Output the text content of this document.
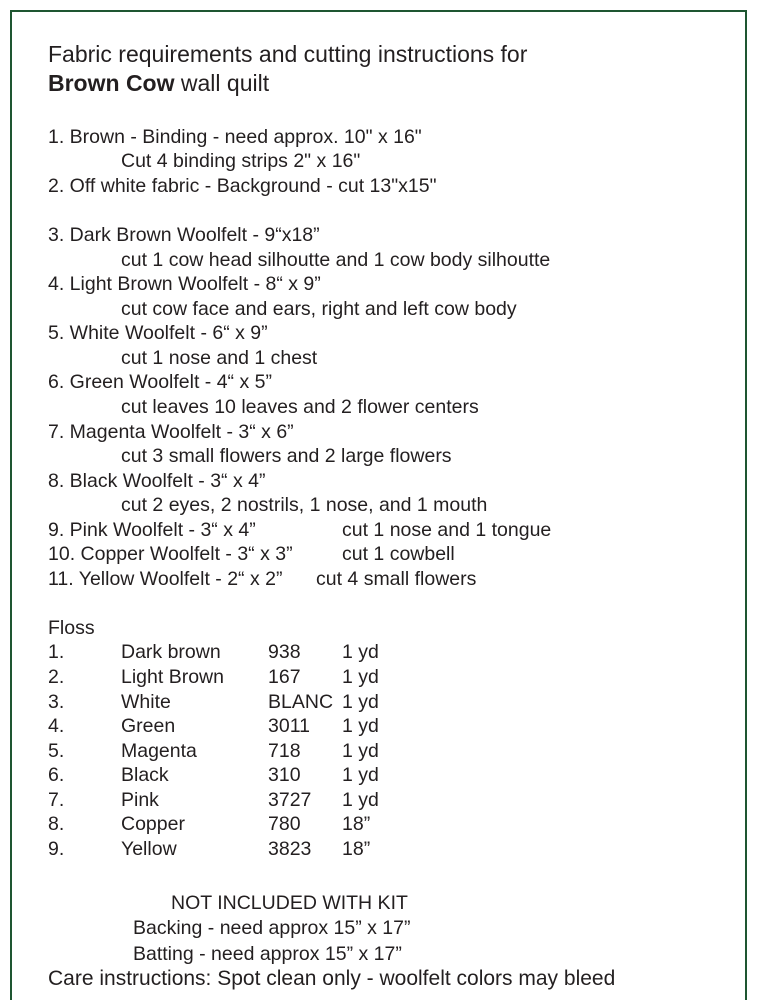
Fabric requirements and cutting instructions for
Brown Cow wall quilt
1. Brown - Binding - need approx. 10" x 16"
Cut 4 binding strips 2" x 16"
2. Off white fabric - Background - cut 13"x15"
3. Dark Brown Woolfelt - 9“x18”
cut 1 cow head silhoutte and 1 cow body silhoutte
4. Light Brown Woolfelt - 8“ x 9”
cut cow face and ears, right and left cow body
5. White Woolfelt - 6“ x 9”
cut 1 nose and 1 chest
6. Green Woolfelt - 4“ x 5”
cut leaves 10 leaves and 2 flower centers
7. Magenta Woolfelt - 3“ x 6”
cut 3 small flowers and 2 large flowers
8. Black Woolfelt - 3“ x 4”
cut 2 eyes, 2 nostrils, 1 nose, and 1 mouth
9. Pink Woolfelt - 3“ x 4”	cut 1 nose and 1 tongue
10. Copper Woolfelt - 3“ x 3”	cut 1 cowbell
11. Yellow Woolfelt - 2“ x 2” cut 4 small flowers
Floss
1.	Dark brown 938 1 yd
2.	Light Brown 167 1 yd
3.	White	BLANC 1 yd
4.	Green	3011 1 yd
5.	Magenta	718 1 yd
6.	Black	310 1 yd
7.	Pink	3727 1 yd
8.	Copper	780 18”
9.	Yellow	3823 18”
NOT INCLUDED WITH KIT
Backing - need approx 15” x 17”
Batting - need approx 15” x 17”
Care instructions: Spot clean only - woolfelt colors may bleed
